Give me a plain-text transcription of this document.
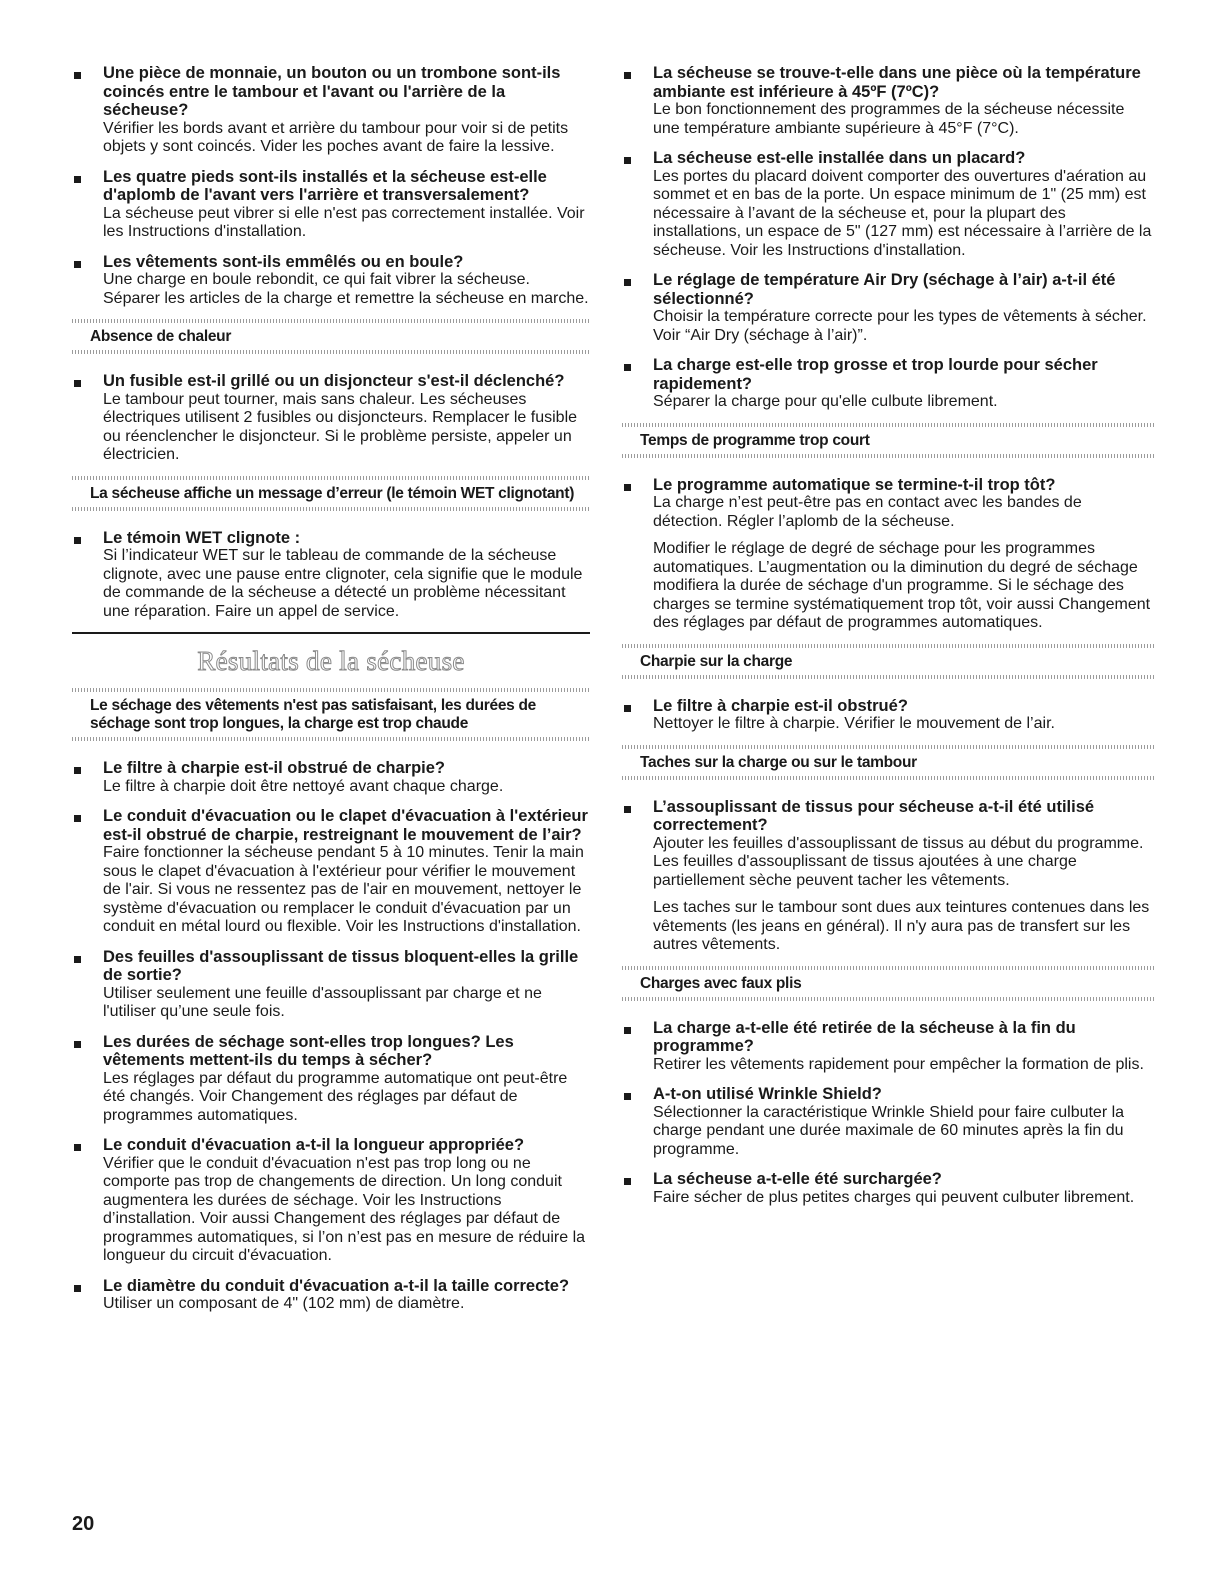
Une pièce de monnaie, un bouton ou un trombone sont-ils coincés entre le tambour et l'avant ou l'arrière de la sécheuse?

Vérifier les bords avant et arrière du tambour pour voir si de petits objets y sont coincés. Vider les poches avant de faire la lessive.

Les quatre pieds sont-ils installés et la sécheuse est-elle d'aplomb de l'avant vers l'arrière et transversalement?

La sécheuse peut vibrer si elle n'est pas correctement installée. Voir les Instructions d'installation.

Les vêtements sont-ils emmêlés ou en boule?

Une charge en boule rebondit, ce qui fait vibrer la sécheuse. Séparer les articles de la charge et remettre la sécheuse en marche.

Absence de chaleur
Un fusible est-il grillé ou un disjoncteur s'est-il déclenché?

Le tambour peut tourner, mais sans chaleur. Les sécheuses électriques utilisent 2 fusibles ou disjoncteurs. Remplacer le fusible ou réenclencher le disjoncteur. Si le problème persiste, appeler un électricien.

La sécheuse affiche un message d’erreur (le témoin WET clignotant)
Le témoin WET clignote :

Si l’indicateur WET sur le tableau de commande de la sécheuse clignote, avec une pause entre clignoter, cela signifie que le module de commande de la sécheuse a détecté un problème nécessitant une réparation. Faire un appel de service.

Résultats de la sécheuse
Le séchage des vêtements n'est pas satisfaisant, les durées de séchage sont trop longues, la charge est trop chaude
Le filtre à charpie est-il obstrué de charpie?

Le filtre à charpie doit être nettoyé avant chaque charge.

Le conduit d'évacuation ou le clapet d'évacuation à l'extérieur est-il obstrué de charpie, restreignant le mouvement de l’air?

Faire fonctionner la sécheuse pendant 5 à 10 minutes. Tenir la main sous le clapet d'évacuation à l'extérieur pour vérifier le mouvement de l'air. Si vous ne ressentez pas de l'air en mouvement, nettoyer le système d'évacuation ou remplacer le conduit d'évacuation par un conduit en métal lourd ou flexible. Voir les Instructions d'installation.

Des feuilles d'assouplissant de tissus bloquent-elles la grille de sortie?

Utiliser seulement une feuille d'assouplissant par charge et ne l'utiliser qu’une seule fois.

Les durées de séchage sont-elles trop longues? Les vêtements mettent-ils du temps à sécher?

Les réglages par défaut du programme automatique ont peut-être été changés. Voir Changement des réglages par défaut de programmes automatiques.

Le conduit d'évacuation a-t-il la longueur appropriée?

Vérifier que le conduit d'évacuation n'est pas trop long ou ne comporte pas trop de changements de direction. Un long conduit augmentera les durées de séchage. Voir les Instructions d’installation. Voir aussi Changement des réglages par défaut de programmes automatiques, si l’on n’est pas en mesure de réduire la longueur du circuit d'évacuation.

Le diamètre du conduit d'évacuation a-t-il la taille correcte?

Utiliser un composant de 4" (102 mm) de diamètre.

La sécheuse se trouve-t-elle dans une pièce où la température ambiante est inférieure à 45ºF (7ºC)?

Le bon fonctionnement des programmes de la sécheuse nécessite une température ambiante supérieure à 45°F (7°C).

La sécheuse est-elle installée dans un placard?

Les portes du placard doivent comporter des ouvertures d'aération au sommet et en bas de la porte. Un espace minimum de 1" (25 mm) est nécessaire à l’avant de la sécheuse et, pour la plupart des installations, un espace de 5" (127 mm) est nécessaire à l’arrière de la sécheuse. Voir les Instructions d'installation.

Le réglage de température Air Dry (séchage à l’air) a-t-il été sélectionné?

Choisir la température correcte pour les types de vêtements à sécher. Voir “Air Dry (séchage à l’air)”.

La charge est-elle trop grosse et trop lourde pour sécher rapidement?

Séparer la charge pour qu'elle culbute librement.

Temps de programme trop court
Le programme automatique se termine-t-il trop tôt?

La charge n’est peut-être pas en contact avec les bandes de détection. Régler l’aplomb de la sécheuse.

Modifier le réglage de degré de séchage pour les programmes automatiques. L’augmentation ou la diminution du degré de séchage modifiera la durée de séchage d'un programme. Si le séchage des charges se termine systématiquement trop tôt, voir aussi Changement des réglages par défaut de programmes automatiques.

Charpie sur la charge
Le filtre à charpie est-il obstrué?

Nettoyer le filtre à charpie. Vérifier le mouvement de l’air.

Taches sur la charge ou sur le tambour
L’assouplissant de tissus pour sécheuse a-t-il été utilisé correctement?

Ajouter les feuilles d'assouplissant de tissus au début du programme. Les feuilles d'assouplissant de tissus ajoutées à une charge partiellement sèche peuvent tacher les vêtements.

Les taches sur le tambour sont dues aux teintures contenues dans les vêtements (les jeans en général). Il n'y aura pas de transfert sur les autres vêtements.

Charges avec faux plis
La charge a-t-elle été retirée de la sécheuse à la fin du programme?

Retirer les vêtements rapidement pour empêcher la formation de plis.

A-t-on utilisé Wrinkle Shield?

Sélectionner la caractéristique Wrinkle Shield pour faire culbuter la charge pendant une durée maximale de 60 minutes après la fin du programme.

La sécheuse a-t-elle été surchargée?

Faire sécher de plus petites charges qui peuvent culbuter librement.

20
